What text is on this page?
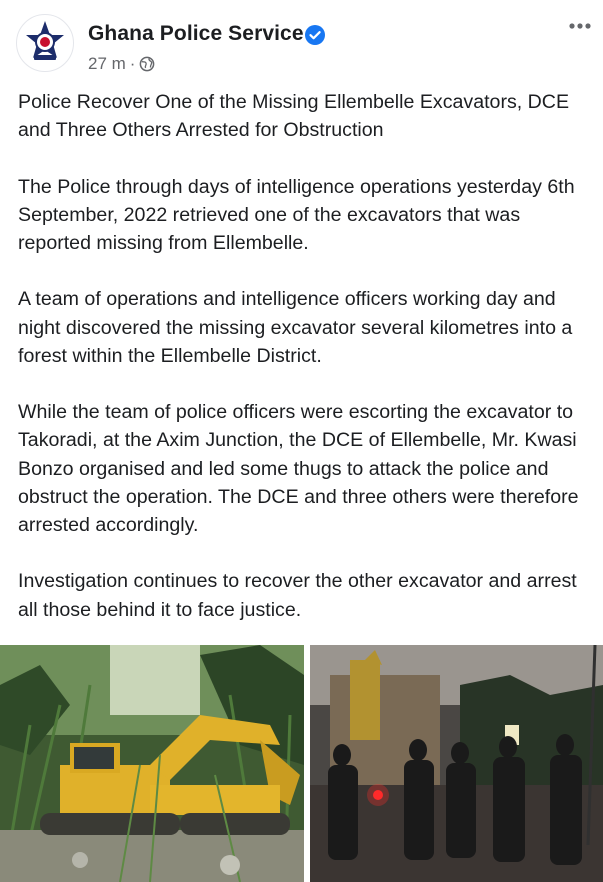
Ghana Police Service
27 m ·

Police Recover One of the Missing Ellembelle Excavators, DCE and Three Others Arrested for Obstruction

The Police through days of intelligence operations yesterday 6th September, 2022 retrieved one of the excavators that was reported missing from Ellembelle.

A team of operations and intelligence officers working day and night discovered the missing excavator several kilometres into a forest within the Ellembelle District.

While the team of police officers were escorting the excavator to Takoradi, at the Axim Junction, the DCE of Ellembelle, Mr. Kwasi Bonzo organised and led some thugs to attack the police and obstruct the operation. The DCE and three others were therefore arrested accordingly.

Investigation continues to recover the other excavator and arrest all those behind it to face justice.
